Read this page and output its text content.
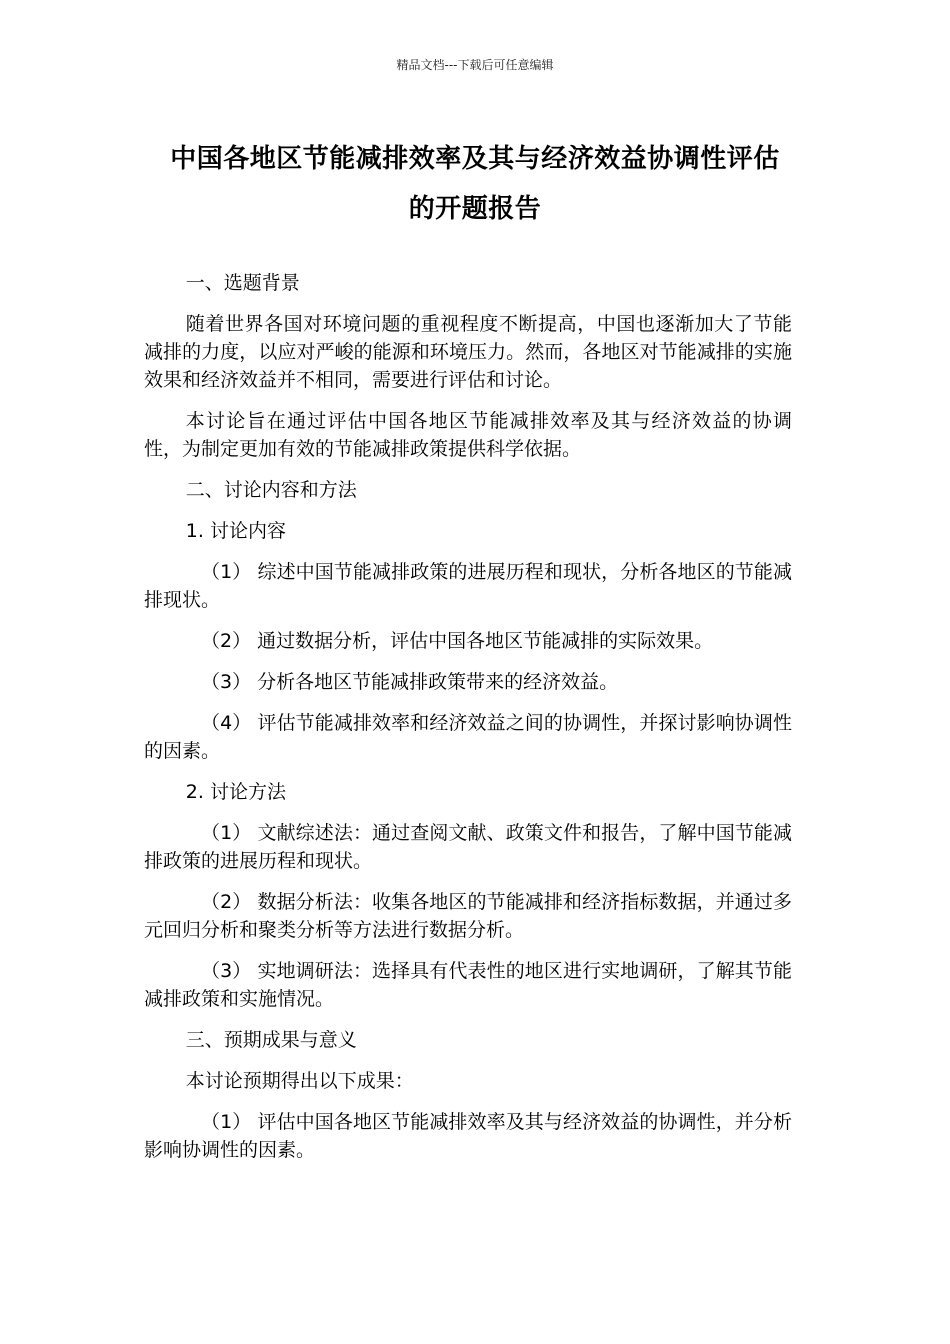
精品文档---下载后可任意编辑
中国各地区节能减排效率及其与经济效益协调性评估
的开题报告

一、选题背景

随着世界各国对环境问题的重视程度不断提高，中国也逐渐加大了节能减排的力度，以应对严峻的能源和环境压力。然而，各地区对节能减排的实施效果和经济效益并不相同，需要进行评估和讨论。

本讨论旨在通过评估中国各地区节能减排效率及其与经济效益的协调性，为制定更加有效的节能减排政策提供科学依据。

二、讨论内容和方法

1. 讨论内容

（1） 综述中国节能减排政策的进展历程和现状，分析各地区的节能减排现状。

（2） 通过数据分析，评估中国各地区节能减排的实际效果。

（3） 分析各地区节能减排政策带来的经济效益。

（4） 评估节能减排效率和经济效益之间的协调性，并探讨影响协调性的因素。

2. 讨论方法

（1） 文献综述法：通过查阅文献、政策文件和报告，了解中国节能减排政策的进展历程和现状。

（2） 数据分析法：收集各地区的节能减排和经济指标数据，并通过多元回归分析和聚类分析等方法进行数据分析。

（3） 实地调研法：选择具有代表性的地区进行实地调研，了解其节能减排政策和实施情况。

三、预期成果与意义

本讨论预期得出以下成果：

（1） 评估中国各地区节能减排效率及其与经济效益的协调性，并分析影响协调性的因素。
